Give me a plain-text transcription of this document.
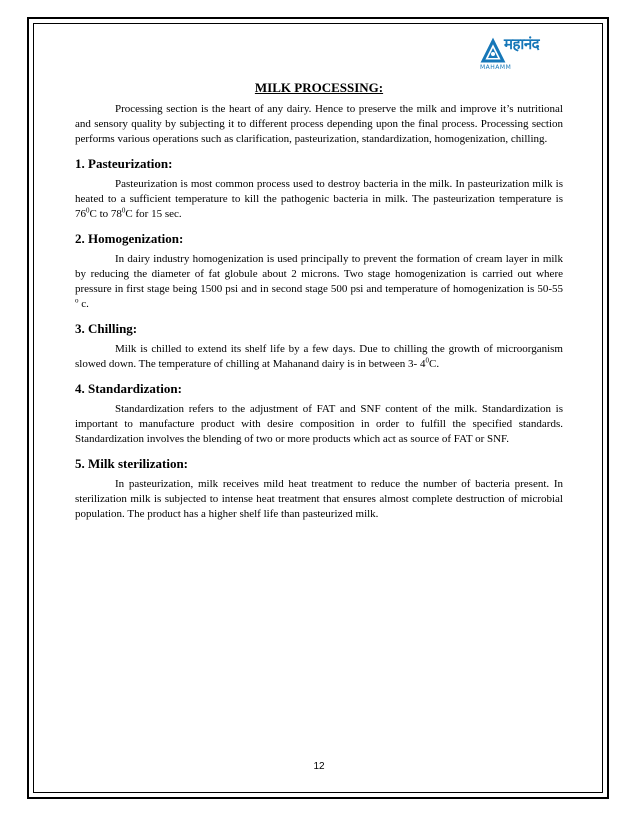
महानंद
MAHAMM
MILK PROCESSING:

Processing section is the heart of any dairy. Hence to preserve the milk and improve it’s nutritional and sensory quality by subjecting it to different process depending upon the final process. Processing section performs various operations such as clarification, pasteurization, standardization, homogenization, chilling.

1. Pasteurization:

Pasteurization is most common process used to destroy bacteria in the milk. In pasteurization milk is heated to a sufficient temperature to kill the pathogenic bacteria in milk. The pasteurization temperature is $76^0C$ to $78^0C$ for 15 sec.

2. Homogenization:

In dairy industry homogenization is used principally to prevent the formation of cream layer in milk by reducing the diameter of fat globule about 2 microns. Two stage homogenization is carried out where pressure in first stage being 1500 psi and in second stage 500 psi and temperature of homogenization is 50-55 $^o$ c.

3. Chilling:

Milk is chilled to extend its shelf life by a few days. Due to chilling the growth of microorganism slowed down. The temperature of chilling at Mahanand dairy is in between 3- $4^0C$.

4. Standardization:

Standardization refers to the adjustment of FAT and SNF content of the milk. Standardization is important to manufacture product with desire composition in order to fulfill the specified standards. Standardization involves the blending of two or more products which act as source of FAT or SNF.

5. Milk sterilization:

In pasteurization, milk receives mild heat treatment to reduce the number of bacteria present. In sterilization milk is subjected to intense heat treatment that ensures almost complete destruction of microbial population. The product has a higher shelf life than pasteurized milk.

12
